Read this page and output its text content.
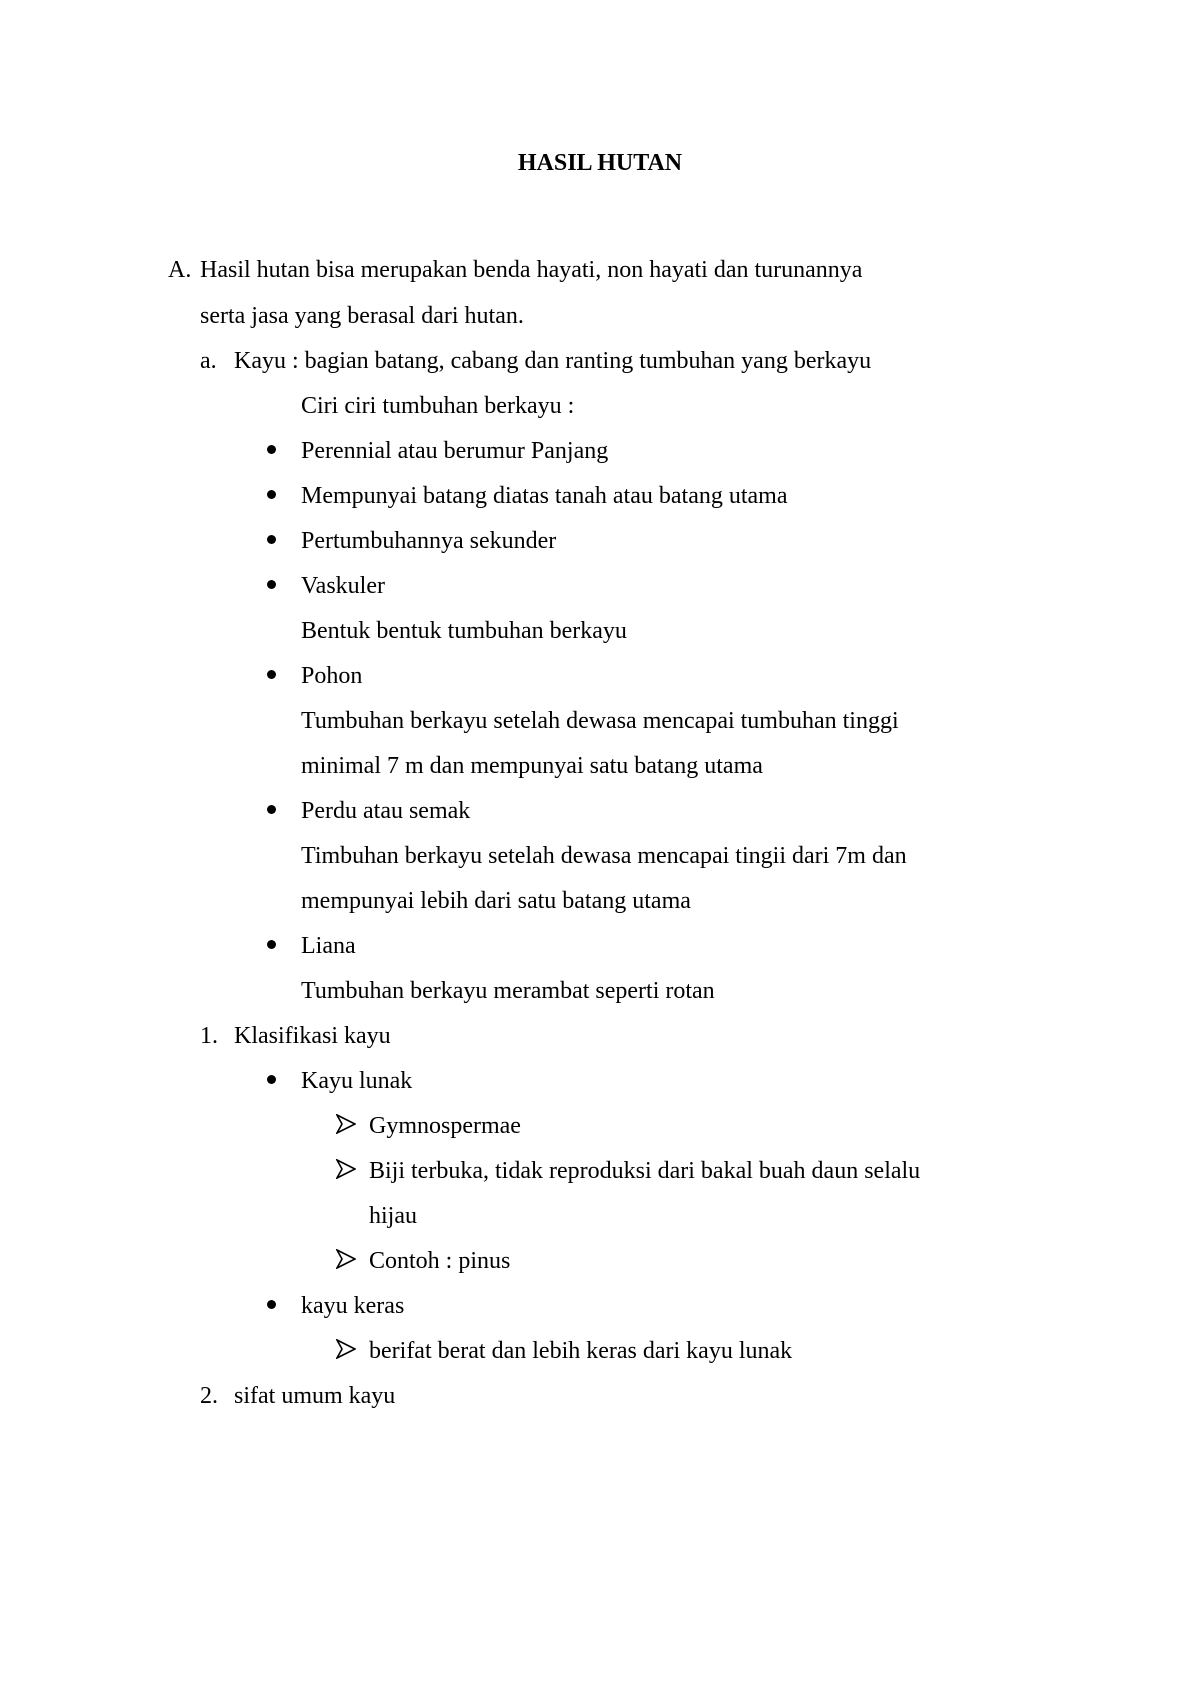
HASIL HUTAN
A. Hasil hutan bisa merupakan benda hayati, non hayati dan turunannya
serta jasa yang berasal dari hutan.
a. Kayu : bagian batang, cabang dan ranting tumbuhan yang berkayu
Ciri ciri tumbuhan berkayu :
Perennial atau berumur Panjang
Mempunyai batang diatas tanah atau batang utama
Pertumbuhannya sekunder
Vaskuler
Bentuk bentuk tumbuhan berkayu
Pohon
Tumbuhan berkayu setelah dewasa mencapai tumbuhan tinggi
minimal 7 m dan mempunyai satu batang utama
Perdu atau semak
Timbuhan berkayu setelah dewasa mencapai tingii dari 7m dan
mempunyai lebih dari satu batang utama
Liana
Tumbuhan berkayu merambat seperti rotan
1. Klasifikasi kayu
Kayu lunak
Gymnospermae
Biji terbuka, tidak reproduksi dari bakal buah daun selalu
hijau
Contoh : pinus
kayu keras
berifat berat dan lebih keras dari kayu lunak
2. sifat umum kayu
